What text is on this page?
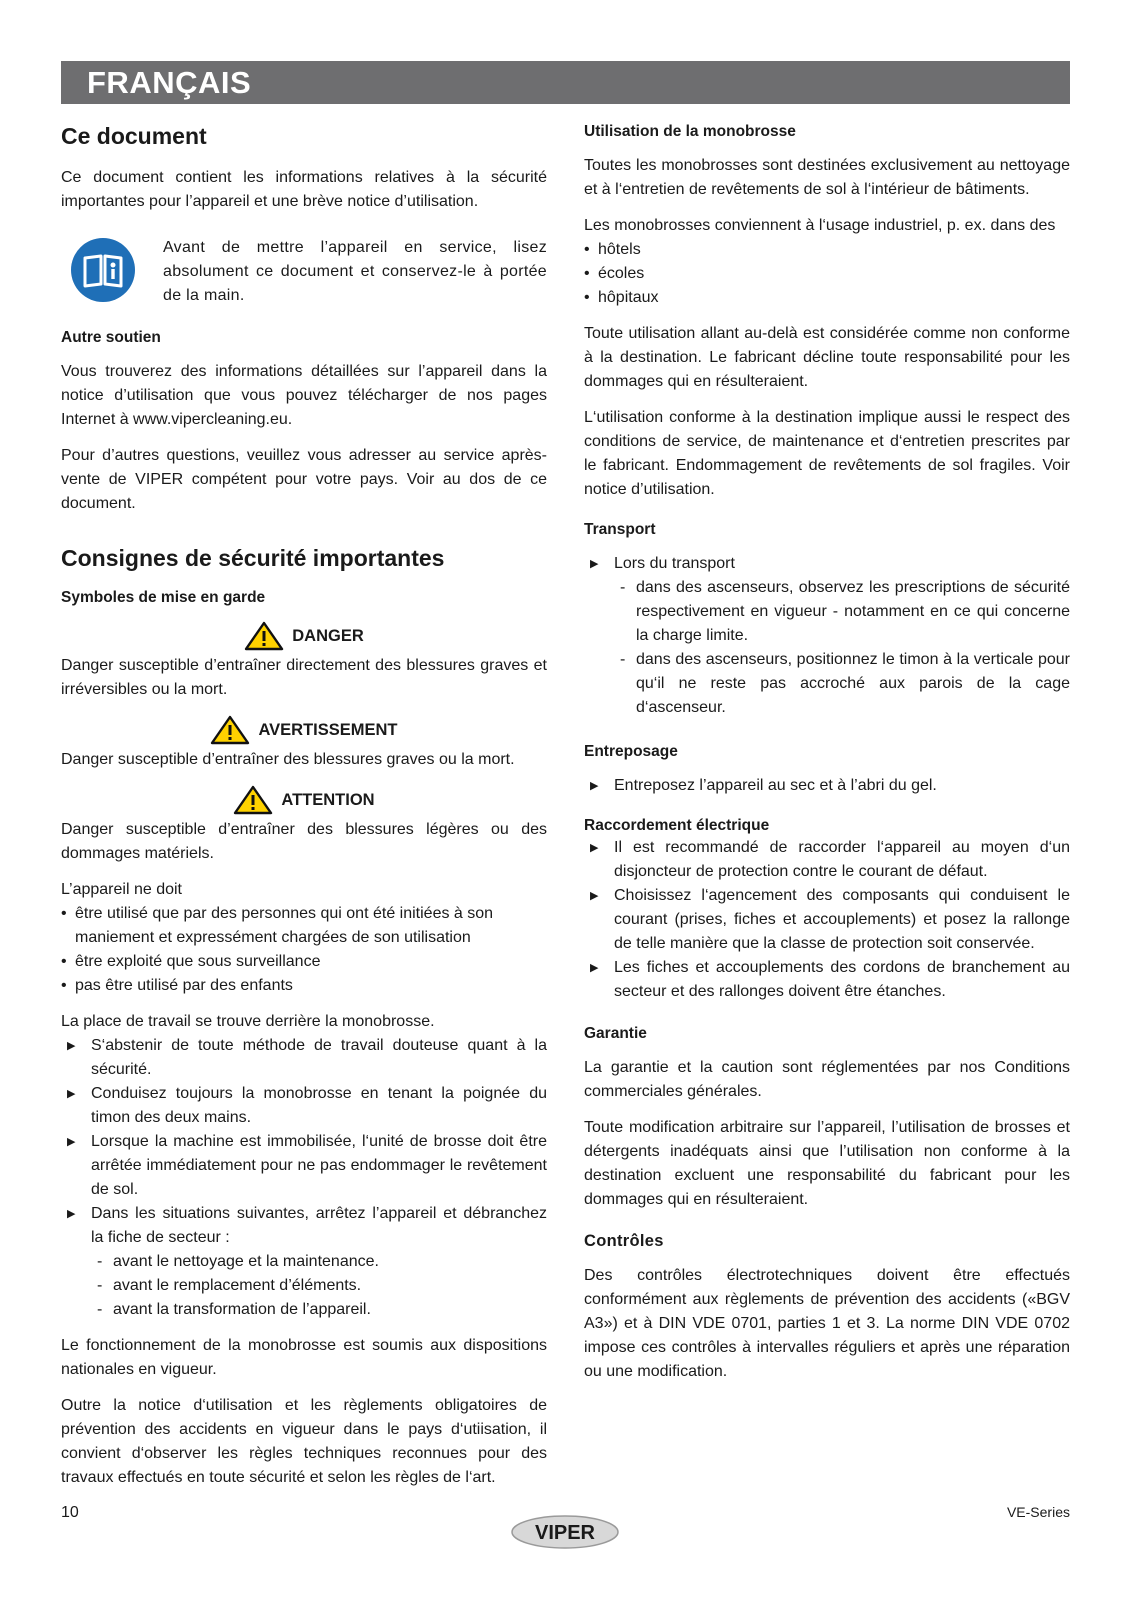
FRANÇAIS
Ce document

Ce document contient les informations relatives à la sécurité importantes pour l’appareil et une brève notice d’utilisation.

Avant de mettre l’appareil en service, lisez absolument ce document et conservez-le à portée de la main.
Autre soutien

Vous trouverez des informations détaillées sur l’appareil dans la notice d’utilisation que vous pouvez télécharger de nos pages Internet à www.vipercleaning.eu.

Pour d’autres questions, veuillez vous adresser au service après-vente de VIPER compétent pour votre pays. Voir au dos de ce document.

Consignes de sécurité importantes
Symboles de mise en garde
DANGER

Danger susceptible d’entraîner directement des blessures graves et irréversibles ou la mort.

AVERTISSEMENT

Danger susceptible d’entraîner des blessures graves ou la mort.

ATTENTION

Danger susceptible d’entraîner des blessures légères ou des dommages matériels.

L’appareil ne doit

• être utilisé que par des personnes qui ont été initiées à son maniement et expressément chargées de son utilisation
• être exploité que sous surveillance
• pas être utilisé par des enfants

La place de travail se trouve derrière la monobrosse.

▶ S‘abstenir de toute méthode de travail douteuse quant à la sécurité.
▶ Conduisez toujours la monobrosse en tenant la poignée du timon des deux mains.
▶ Lorsque la machine est immobilisée, l‘unité de brosse doit être arrêtée immédiatement pour ne pas endommager le revêtement de sol.
▶ Dans les situations suivantes, arrêtez l’appareil et débranchez la fiche de secteur :
- avant le nettoyage et la maintenance.
- avant le remplacement d’éléments.
- avant la transformation de l’appareil.

Le fonctionnement de la monobrosse est soumis aux dispositions nationales en vigueur.

Outre la notice d‘utilisation et les règlements obligatoires de prévention des accidents en vigueur dans le pays d‘utiisation, il convient d‘observer les règles techniques reconnues pour des travaux effectués en toute sécurité et selon les règles de l‘art.

Utilisation de la monobrosse

Toutes les monobrosses sont destinées exclusivement au nettoyage et à l‘entretien de revêtements de sol à l‘intérieur de bâtiments.

Les monobrosses conviennent à l‘usage industriel, p. ex. dans des

• hôtels
• écoles
• hôpitaux

Toute utilisation allant au-delà est considérée comme non conforme à la destination. Le fabricant décline toute responsabilité pour les dommages qui en résulteraient.

L‘utilisation conforme à la destination implique aussi le respect des conditions de service, de maintenance et d‘entretien prescrites par le fabricant. Endommagement de revêtements de sol fragiles. Voir notice d’utilisation.

Transport
▶ Lors du transport
- dans des ascenseurs, observez les prescriptions de sécurité respectivement en vigueur - notamment en ce qui concerne la charge limite.
- dans des ascenseurs, positionnez le timon à la verticale pour qu‘il ne reste pas accroché aux parois de la cage d‘ascenseur.
Entreposage
▶ Entreposez l’appareil au sec et à l’abri du gel.
Raccordement électrique
▶ Il est recommandé de raccorder l‘appareil au moyen d‘un disjoncteur de protection contre le courant de défaut.
▶ Choisissez l‘agencement des composants qui conduisent le courant (prises, fiches et accouplements) et posez la rallonge de telle manière que la classe de protection soit conservée.
▶ Les fiches et accouplements des cordons de branchement au secteur et des rallonges doivent être étanches.
Garantie

La garantie et la caution sont réglementées par nos Conditions commerciales générales.

Toute modification arbitraire sur l’appareil, l’utilisation de brosses et détergents inadéquats ainsi que l’utilisation non conforme à la destination excluent une responsabilité du fabricant pour les dommages qui en résulteraient.

Contrôles

Des contrôles électrotechniques doivent être effectués conformément aux règlements de prévention des accidents («BGV A3») et à DIN VDE 0701, parties 1 et 3. La norme DIN VDE 0702 impose ces contrôles à intervalles réguliers et après une réparation ou une modification.

10	VE-Series
VIPER
